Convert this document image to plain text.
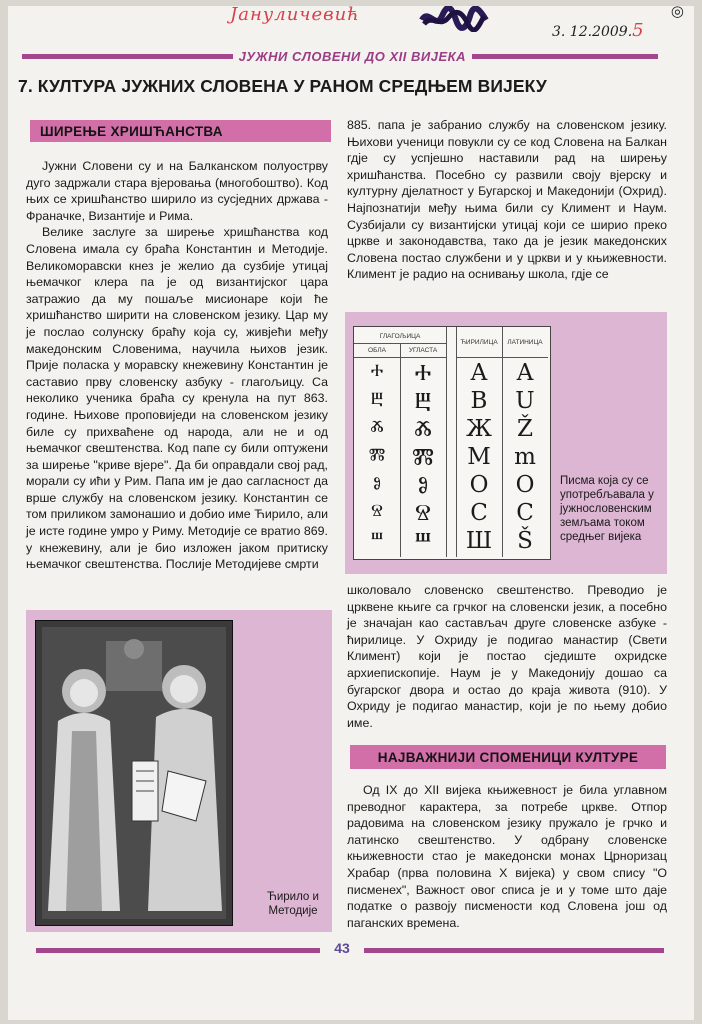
Јануличевић
3. 12.2009.5
◎
ЈУЖНИ СЛОВЕНИ ДО XII ВИЈЕКА
7. КУЛТУРА ЈУЖНИХ СЛОВЕНА У РАНОМ СРЕДЊЕМ ВИЈЕКУ
ШИРЕЊЕ ХРИШЋАНСТВА

Јужни Словени су и на Балканском полуострву дуго задржали стара вјеровања (многобоштво). Код њих се хришћанство ширило из сусједних држава - Франачке, Византије и Рима.

Велике заслуге за ширење хришћанства код Словена имала су браћа Константин и Методије. Великоморавски кнез је желио да сузбије утицај њемачког клера па је од византијског цара затражио да му пошаље мисионаре који ће хришћанство ширити на словенском језику. Цар му је послао солунску браћу која су, живјећи међу македонским Словенима, научила њихов језик. Прије поласка у моравску кнежевину Константин је саставио прву словенску азбуку - глагољицу. Са неколико ученика браћа су кренула на пут 863. године. Њихове проповиједи на словенском језику биле су прихваћене од народа, али не и од њемачког свештенства. Код папе су били оптужени за ширење "криве вјере". Да би оправдали свој рад, морали су ићи у Рим. Папа им је дао сагласност да врше службу на словенском језику. Константин се том приликом замонашио и добио име Ћирило, али је исте године умро у Риму. Методије се вратио 869. у кнежевину, али је био изложен јаком притиску њемачког свештенства. Послије Методијеве смрти

885. папа је забранио службу на словенском језику. Њихови ученици повукли су се код Словена на Балкан гдје су успјешно наставили рад на ширењу хришћанства. Посебно су развили своју вјерску и културну дјелатност у Бугарској и Македонији (Охрид). Најпознатији међу њима били су Климент и Наум. Сузбијали су византијски утицај који се ширио преко цркве и законодавства, тако да је језик македонских Словена постао службени и у цркви и у књижевности. Климент је радио на оснивању школа, гдје се

ГЛАГОЉИЦА
ОБЛА	УГЛАСТА
ЋИРИЛИЦА	ЛАТИНИЦА
ⰰ	Ⰰ	А	A
ⰱ	Ⰱ	В	U
ⰶ	Ⰶ	Ж	Ž
ⰿ	Ⰿ	М	m
ⱁ	Ⱁ	О	O
ⱄ	Ⱄ	С	C
ⱎ	Ⱎ	Ш	Š
Писма која су се употребљавала у јужнословенским земљама током средњег вијека

школовало словенско свештенство. Преводио је црквене књиге са грчког на словенски језик, а посебно је значајан као састављач друге словенске азбуке - ћирилице. У Охриду је подигао манастир (Свети Климент) који је постао сједиште охридске архиепископије. Наум је у Македонију дошао са бугарског двора и остао до краја живота (910). У Охриду је подигао манастир, који је по њему добио име.

Ћирило и Методије
НАЈВАЖНИЈИ СПОМЕНИЦИ КУЛТУРЕ

Од IX до XII вијека књижевност је била углавном преводног карактера, за потребе цркве. Отпор радовима на словенском језику пружало је грчко и латинско свештенство. У одбрану словенске књижевности стао је македонски монах Црноризац Храбар (прва половина X вијека) у свом спису "О писменех", Важност овог списа је и у томе што даје податке о развоју писмености код Словена још од паганских времена.

43
